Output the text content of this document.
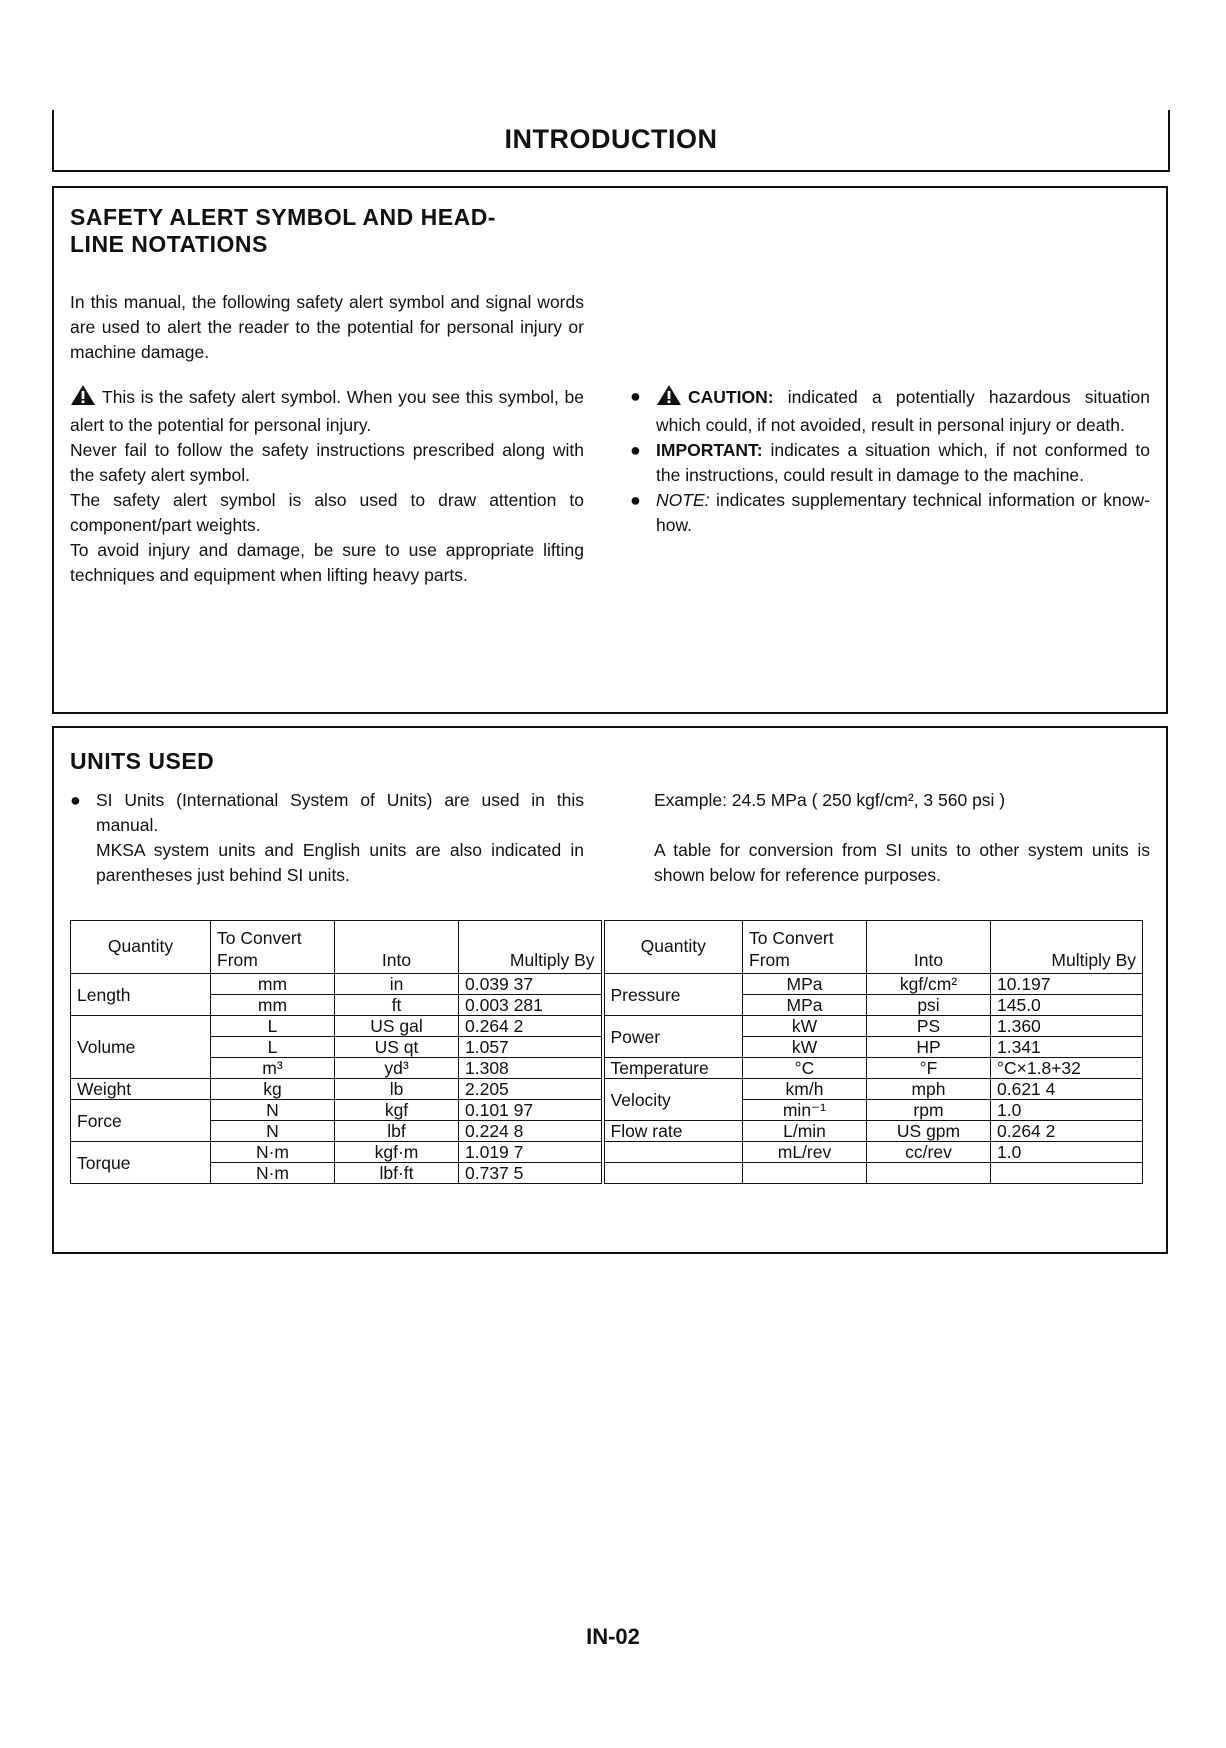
INTRODUCTION
SAFETY ALERT SYMBOL AND HEAD-
LINE NOTATIONS

In this manual, the following safety alert symbol and signal words are used to alert the reader to the potential for personal injury or machine damage.

This is the safety alert symbol. When you see this symbol, be alert to the potential for personal injury.

Never fail to follow the safety instructions prescribed along with the safety alert symbol.

The safety alert symbol is also used to draw attention to component/part weights.

To avoid injury and damage, be sure to use appropriate lifting techniques and equipment when lifting heavy parts.

●	CAUTION: indicated a potentially hazardous situation which could, if not avoided, result in personal injury or death.

● IMPORTANT: indicates a situation which, if not conformed to the instructions, could result in damage to the machine.

● NOTE: indicates supplementary technical information or know-how.

UNITS USED

● SI Units (International System of Units) are used in this manual.

MKSA system units and English units are also indicated in parentheses just behind SI units.

Example: 24.5 MPa ( 250 kgf/cm², 3 560 psi )

A table for conversion from SI units to other system units is shown below for reference purposes.

Quantity	To Convert From	Into	Multiply By	Quantity	To Convert From	Into	Multiply By
Length	mm	in	0.039 37	Pressure	MPa	kgf/cm²	10.197
	mm	ft	0.003 281		MPa	psi	145.0
Volume	L	US gal	0.264 2	Power	kW	PS	1.360
	L	US qt	1.057		kW	HP	1.341
	m³	yd³	1.308	Temperature	°C	°F	°C×1.8+32
Weight	kg	lb	2.205	Velocity	km/h	mph	0.621 4
Force	N	kgf	0.101 97		min⁻¹	rpm	1.0
	N	lbf	0.224 8	Flow rate	L/min	US gpm	0.264 2
Torque	N·m	kgf·m	1.019 7		mL/rev	cc/rev	1.0
	N·m	lbf·ft	0.737 5				
IN-02
